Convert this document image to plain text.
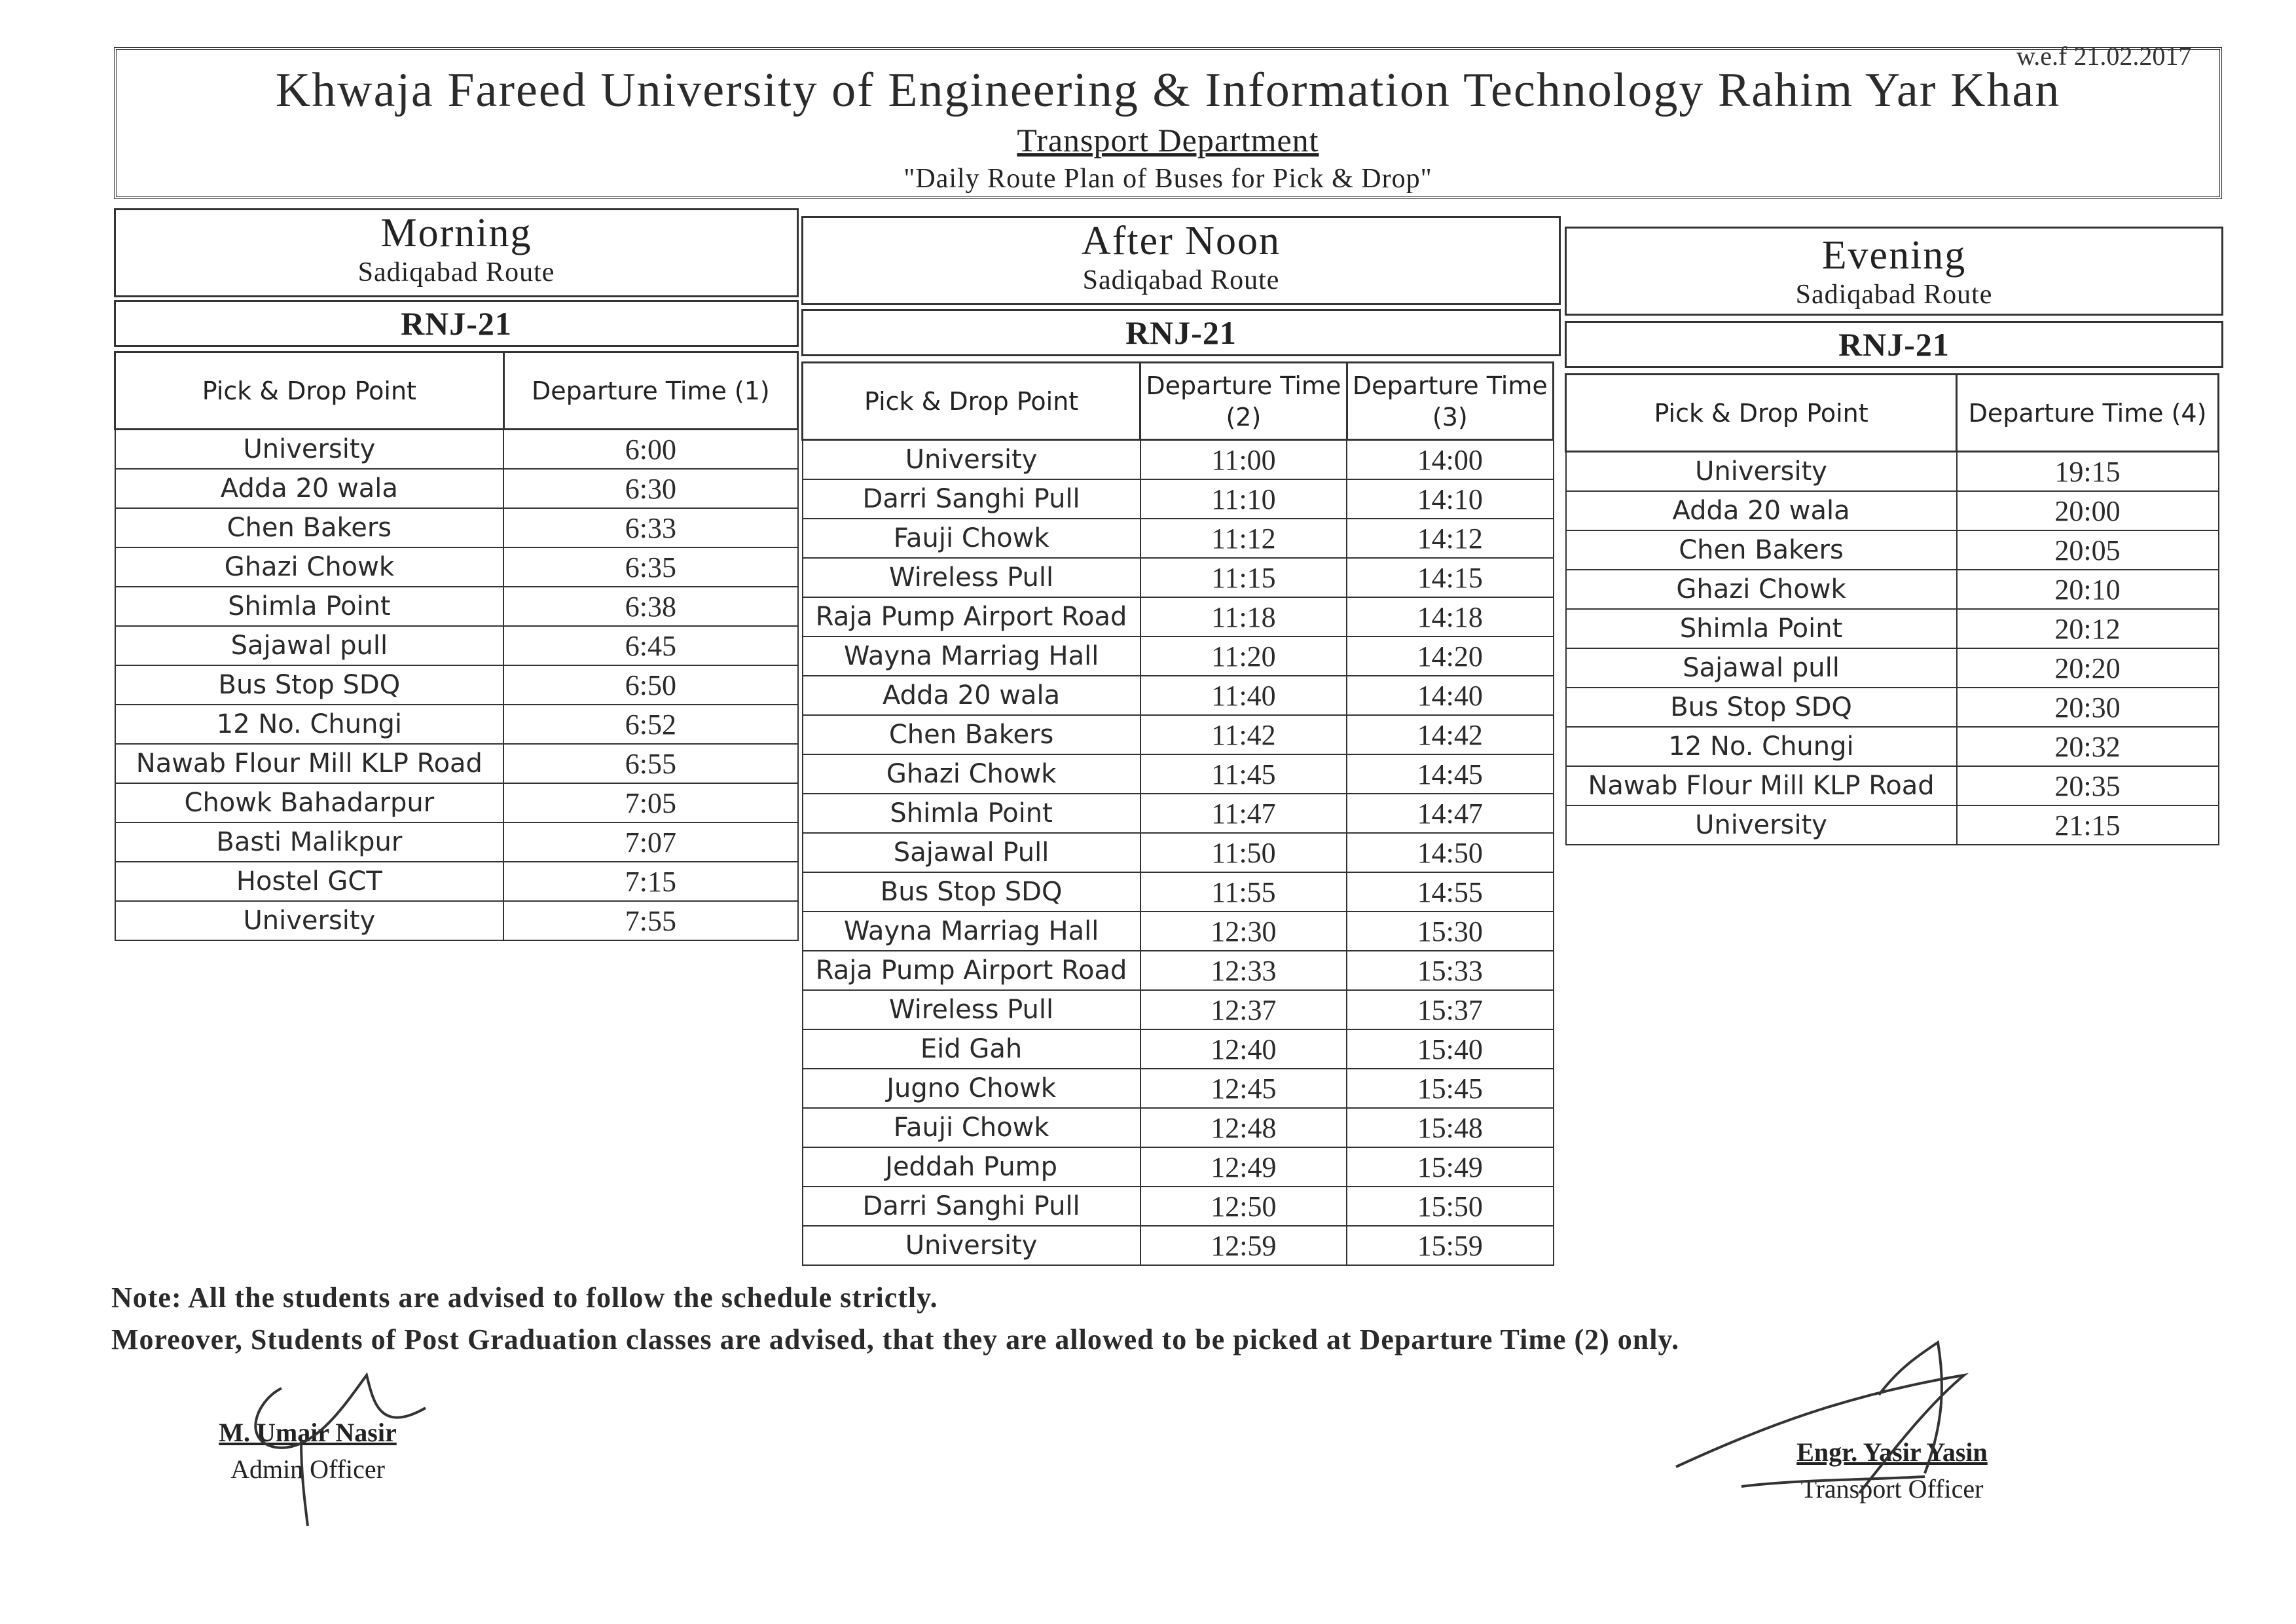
w.e.f 21.02.2017
Khwaja Fareed University of Engineering & Information Technology Rahim Yar Khan
Transport Department
"Daily Route Plan of Buses for Pick & Drop"
Morning
Sadiqabad Route
RNJ-21
Pick & Drop Point	Departure Time (1)
University	6:00
Adda 20 wala	6:30
Chen Bakers	6:33
Ghazi Chowk	6:35
Shimla Point	6:38
Sajawal pull	6:45
Bus Stop SDQ	6:50
12 No. Chungi	6:52
Nawab Flour Mill KLP Road	6:55
Chowk Bahadarpur	7:05
Basti Malikpur	7:07
Hostel GCT	7:15
University	7:55
After Noon
Sadiqabad Route
RNJ-21
Pick & Drop Point	Departure Time (2)	Departure Time (3)
University	11:00	14:00
Darri Sanghi Pull	11:10	14:10
Fauji Chowk	11:12	14:12
Wireless Pull	11:15	14:15
Raja Pump Airport Road	11:18	14:18
Wayna Marriag Hall	11:20	14:20
Adda 20 wala	11:40	14:40
Chen Bakers	11:42	14:42
Ghazi Chowk	11:45	14:45
Shimla Point	11:47	14:47
Sajawal Pull	11:50	14:50
Bus Stop SDQ	11:55	14:55
Wayna Marriag Hall	12:30	15:30
Raja Pump Airport Road	12:33	15:33
Wireless Pull	12:37	15:37
Eid Gah	12:40	15:40
Jugno Chowk	12:45	15:45
Fauji Chowk	12:48	15:48
Jeddah Pump	12:49	15:49
Darri Sanghi Pull	12:50	15:50
University	12:59	15:59
Evening
Sadiqabad Route
RNJ-21
Pick & Drop Point	Departure Time (4)
University	19:15
Adda 20 wala	20:00
Chen Bakers	20:05
Ghazi Chowk	20:10
Shimla Point	20:12
Sajawal pull	20:20
Bus Stop SDQ	20:30
12 No. Chungi	20:32
Nawab Flour Mill KLP Road	20:35
University	21:15
Note: All the students are advised to follow the schedule strictly.
Moreover, Students of Post Graduation classes are advised, that they are allowed to be picked at Departure Time (2) only.
M. Umair Nasir
Admin Officer
Engr. Yasir Yasin
Transport Officer
